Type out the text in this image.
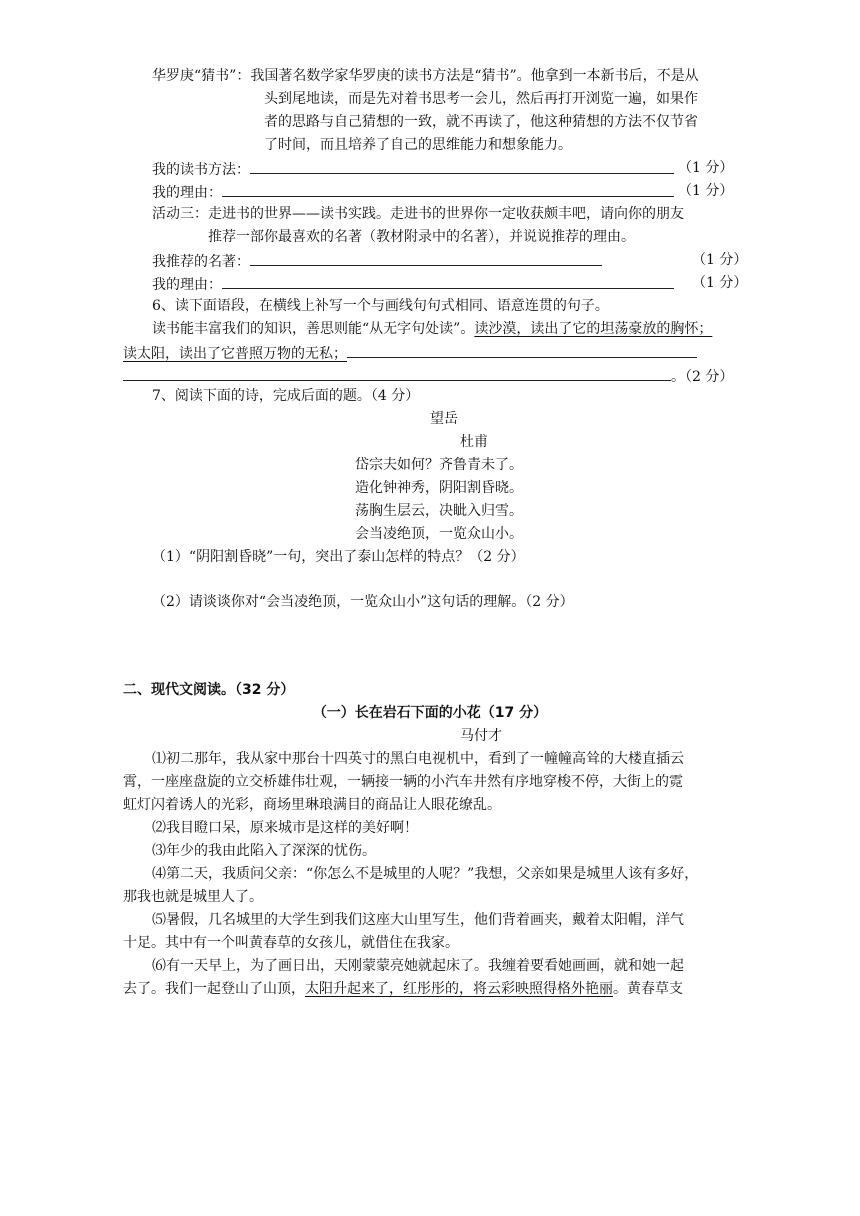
华罗庚“猜书”：我国著名数学家华罗庚的读书方法是“猜书”。他拿到一本新书后，不是从
头到尾地读，而是先对着书思考一会儿，然后再打开浏览一遍，如果作
者的思路与自己猜想的一致，就不再读了，他这种猜想的方法不仅节省
了时间，而且培养了自己的思维能力和想象能力。
我的读书方法：	（1 分）
我的理由：	（1 分）
活动三：走进书的世界——读书实践。走进书的世界你一定收获颇丰吧，请向你的朋友
推荐一部你最喜欢的名著（教材附录中的名著），并说说推荐的理由。
我推荐的名著：	（1 分）
我的理由：	（1 分）
6、读下面语段，在横线上补写一个与画线句句式相同、语意连贯的句子。
读书能丰富我们的知识，善思则能“从无字句处读”。读沙漠，读出了它的坦荡豪放的胸怀；
读太阳，读出了它普照万物的无私；
。（2 分）
7、阅读下面的诗，完成后面的题。（4 分）
望岳
杜甫
岱宗夫如何？齐鲁青未了。
造化钟神秀，阴阳割昏晓。
荡胸生层云，决眦入归雪。
会当凌绝顶，一览众山小。
（1）“阴阳割昏晓”一句，突出了泰山怎样的特点？（2 分）
（2）请谈谈你对“会当凌绝顶，一览众山小”这句话的理解。（2 分）
二、现代文阅读。（32 分）
（一）长在岩石下面的小花（17 分）
马付才
⑴初二那年，我从家中那台十四英寸的黑白电视机中，看到了一幢幢高耸的大楼直插云
霄，一座座盘旋的立交桥雄伟壮观，一辆接一辆的小汽车井然有序地穿梭不停，大街上的霓
虹灯闪着诱人的光彩，商场里琳琅满目的商品让人眼花缭乱。
⑵我目瞪口呆，原来城市是这样的美好啊！
⑶年少的我由此陷入了深深的忧伤。
⑷第二天，我质问父亲：“你怎么不是城里的人呢？”我想，父亲如果是城里人该有多好，
那我也就是城里人了。
⑸暑假，几名城里的大学生到我们这座大山里写生，他们背着画夹，戴着太阳帽，洋气
十足。其中有一个叫黄春草的女孩儿，就借住在我家。
⑹有一天早上，为了画日出，天刚蒙蒙亮她就起床了。我缠着要看她画画，就和她一起
去了。我们一起登山了山顶，太阳升起来了，红彤彤的，将云彩映照得格外艳丽。黄春草支
